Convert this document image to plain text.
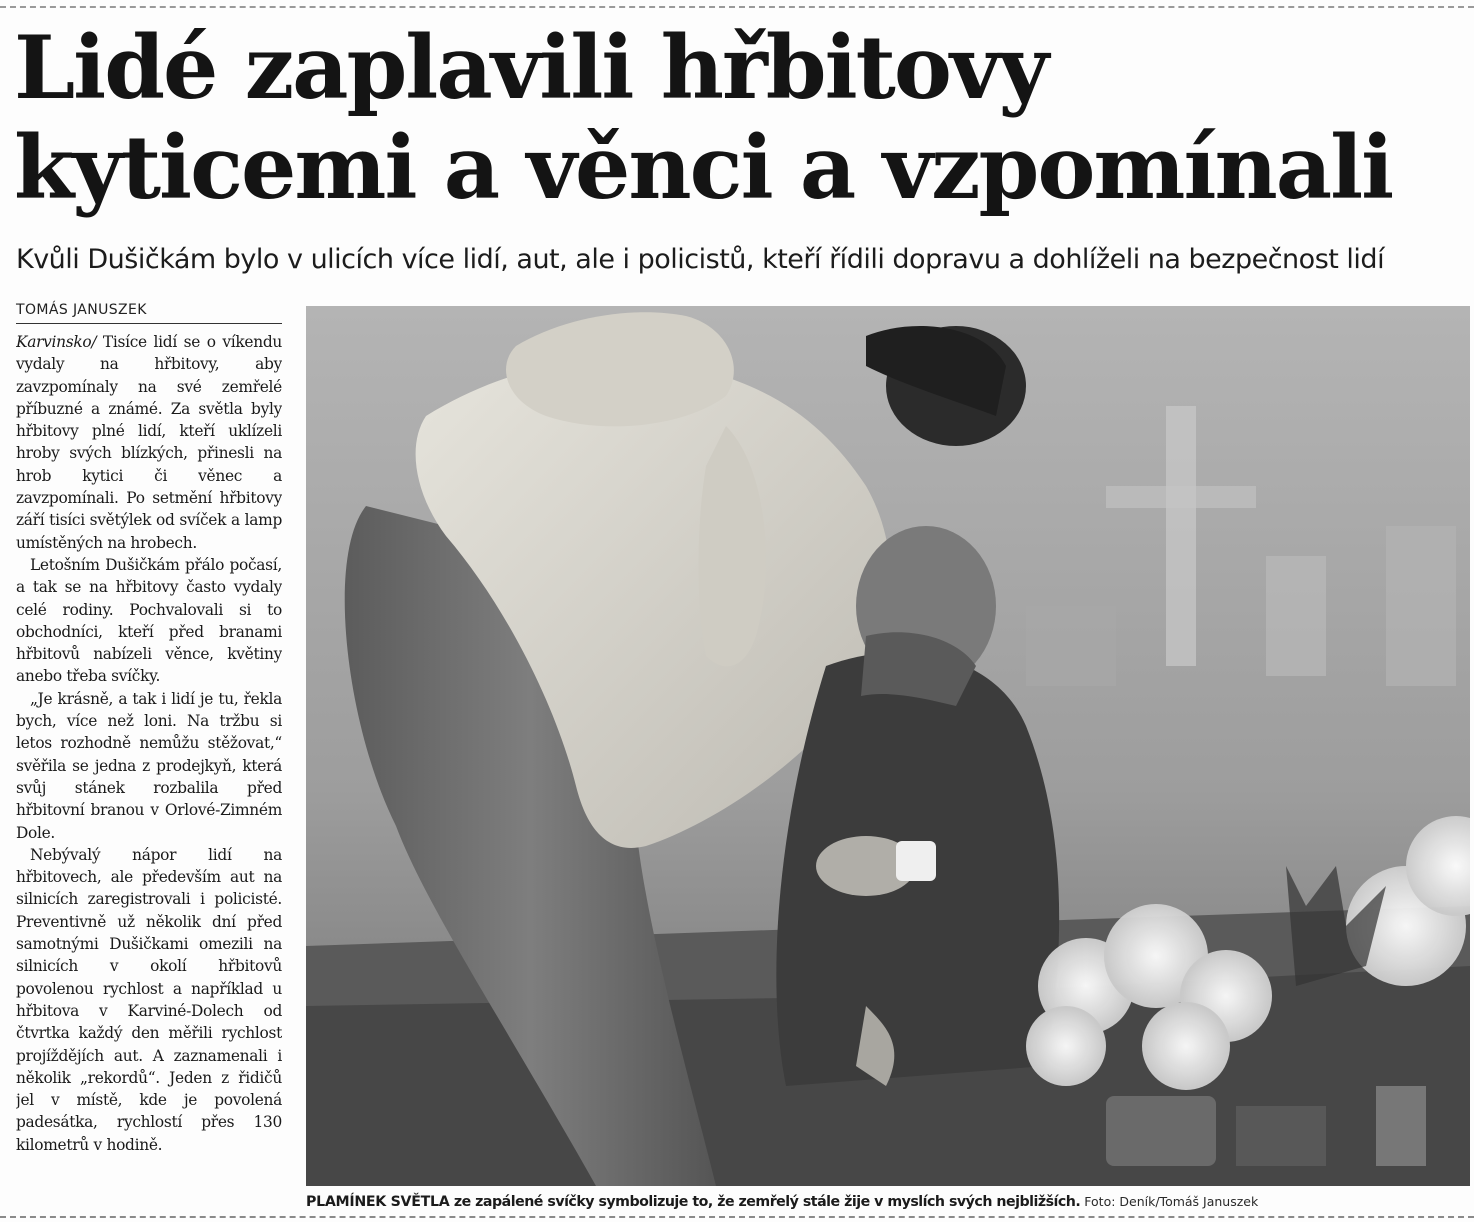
Lidé zaplavili hřbitovy
kyticemi a věnci a vzpomínali
Kvůli Dušičkám bylo v ulicích více lidí, aut, ale i policistů, kteří řídili dopravu a dohlíželi na bezpečnost lidí
TOMÁS JANUSZEK

Karvinsko/ Tisíce lidí se o víkendu vydaly na hřbitovy, aby zavzpomínaly na své zemřelé příbuzné a známé. Za světla byly hřbitovy plné lidí, kteří uklízeli hroby svých blízkých, přinesli na hrob kytici či věnec a zavzpomínali. Po setmění hřbitovy září tisíci světýlek od svíček a lamp umístěných na hrobech.

Letošním Dušičkám přálo počasí, a tak se na hřbitovy často vydaly celé rodiny. Pochvalovali si to obchodníci, kteří před branami hřbitovů nabízeli věnce, květiny anebo třeba svíčky.

„Je krásně, a tak i lidí je tu, řekla bych, více než loni. Na tržbu si letos rozhodně nemůžu stěžovat,“ svěřila se jedna z prodejkyň, která svůj stánek rozbalila před hřbitovní branou v Orlové-Zimném Dole.

Nebývalý nápor lidí na hřbitovech, ale především aut na silnicích zaregistrovali i policisté. Preventivně už několik dní před samotnými Dušičkami omezili na silnicích v okolí hřbitovů povolenou rychlost a například u hřbitova v Karviné-Dolech od čtvrtka každý den měřili rychlost projíždějích aut. A zaznamenali i několik „rekordů“. Jeden z řidičů jel v místě, kde je povolená padesátka, rychlostí přes 130 kilometrů v hodině.

PLAMÍNEK SVĚTLA ze zapálené svíčky symbolizuje to, že zemřelý stále žije v myslích svých nejbližších. Foto: Deník/Tomáš Januszek
